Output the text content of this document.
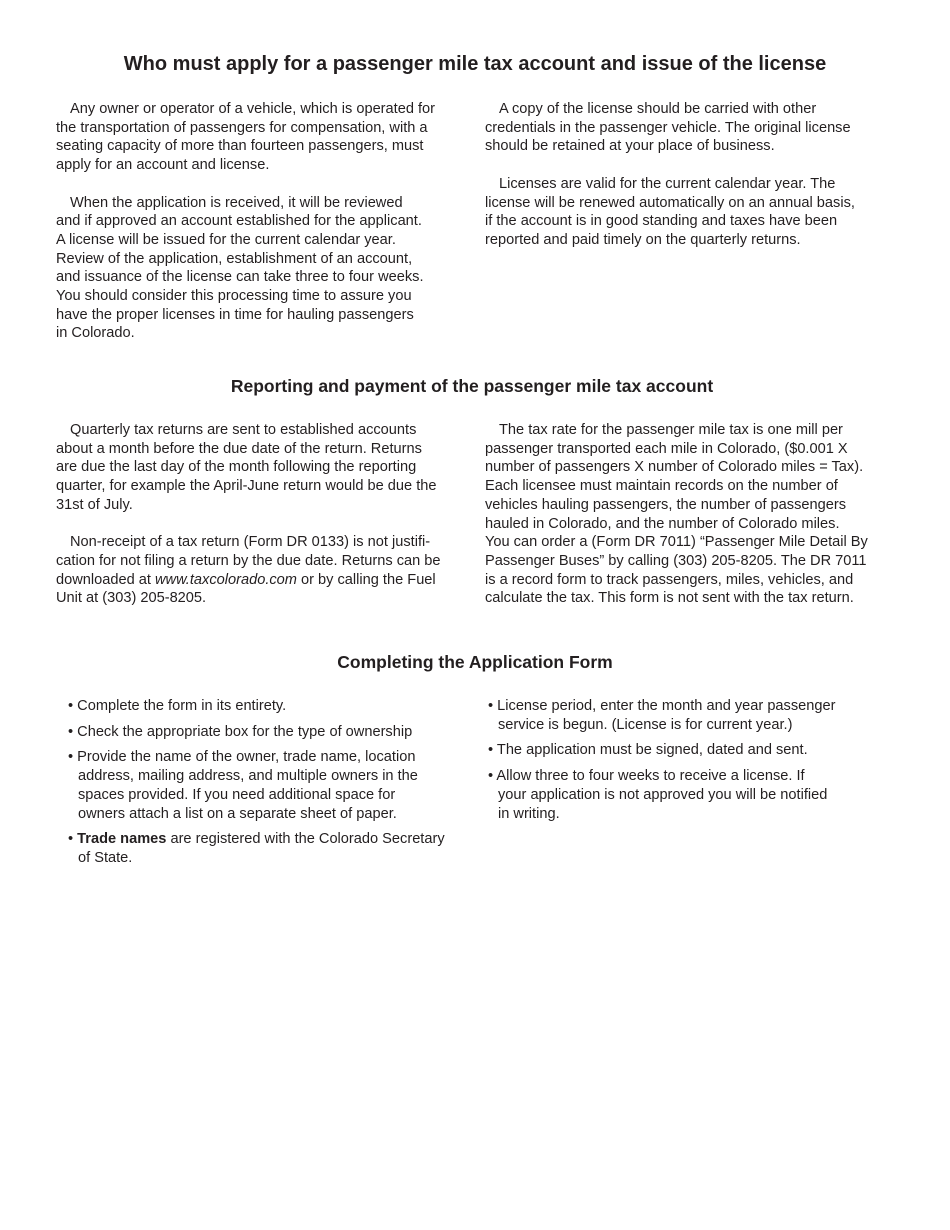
Who must apply for a passenger mile tax account and issue of the license

Any owner or operator of a vehicle, which is operated for
the transportation of passengers for compensation, with a
seating capacity of more than fourteen passengers, must
apply for an account and license.

When the application is received, it will be reviewed
and if approved an account established for the applicant.
A license will be issued for the current calendar year.
Review of the application, establishment of an account,
and issuance of the license can take three to four weeks.
You should consider this processing time to assure you
have the proper licenses in time for hauling passengers
in Colorado.

A copy of the license should be carried with other
credentials in the passenger vehicle. The original license
should be retained at your place of business.

Licenses are valid for the current calendar year. The
license will be renewed automatically on an annual basis,
if the account is in good standing and taxes have been
reported and paid timely on the quarterly returns.

Reporting and payment of the passenger mile tax account

Quarterly tax returns are sent to established accounts
about a month before the due date of the return. Returns
are due the last day of the month following the reporting
quarter, for example the April-June return would be due the
31st of July.

Non-receipt of a tax return (Form DR 0133) is not justifi-
cation for not filing a return by the due date. Returns can be
downloaded at www.taxcolorado.com or by calling the Fuel
Unit at (303) 205-8205.

The tax rate for the passenger mile tax is one mill per
passenger transported each mile in Colorado, ($0.001 X
number of passengers X number of Colorado miles = Tax).
Each licensee must maintain records on the number of
vehicles hauling passengers, the number of passengers
hauled in Colorado, and the number of Colorado miles.
You can order a (Form DR 7011) “Passenger Mile Detail By
Passenger Buses” by calling (303) 205-8205. The DR 7011
is a record form to track passengers, miles, vehicles, and
calculate the tax. This form is not sent with the tax return.

Completing the Application Form
• Complete the form in its entirety.
• Check the appropriate box for the type of ownership
• Provide the name of the owner, trade name, location
address, mailing address, and multiple owners in the
spaces provided. If you need additional space for
owners attach a list on a separate sheet of paper.
• Trade names are registered with the Colorado Secretary
of State.
• License period, enter the month and year passenger
service is begun. (License is for current year.)
• The application must be signed, dated and sent.
• Allow three to four weeks to receive a license. If
your application is not approved you will be notified
in writing.
